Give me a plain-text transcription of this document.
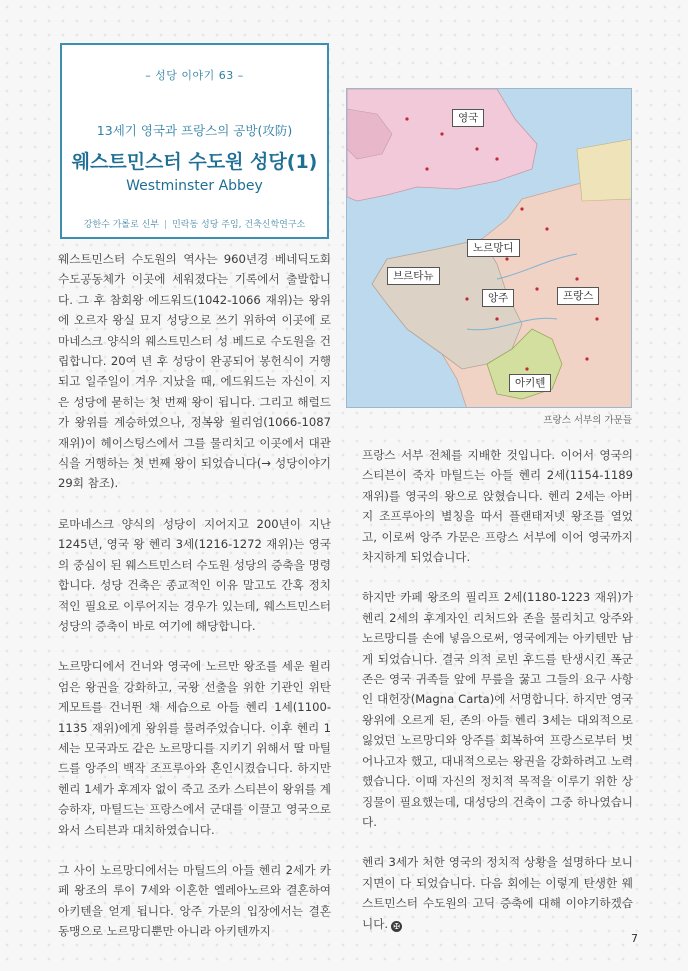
– 성당 이야기 63 –
13세기 영국과 프랑스의 공방(攻防)
웨스트민스터 수도원 성당(1)
Westminster Abbey
강한수 가롤로 신부 | 민락동 성당 주임, 건축신학연구소

웨스트민스터 수도원의 역사는 960년경 베네딕도회 수도공동체가 이곳에 세워졌다는 기록에서 출발합니다. 그 후 참회왕 에드워드(1042-1066 재위)는 왕위에 오르자 왕실 묘지 성당으로 쓰기 위하여 이곳에 로마네스크 양식의 웨스트민스터 성 베드로 수도원을 건립합니다. 20여 년 후 성당이 완공되어 봉헌식이 거행되고 일주일이 겨우 지났을 때, 에드워드는 자신이 지은 성당에 묻히는 첫 번째 왕이 됩니다. 그리고 해럴드가 왕위를 계승하였으나, 정복왕 윌리엄(1066-1087 재위)이 헤이스팅스에서 그를 물리치고 이곳에서 대관식을 거행하는 첫 번째 왕이 되었습니다(→ 성당이야기 29회 참조).

로마네스크 양식의 성당이 지어지고 200년이 지난 1245년, 영국 왕 헨리 3세(1216-1272 재위)는 영국의 중심이 된 웨스트민스터 수도원 성당의 증축을 명령합니다. 성당 건축은 종교적인 이유 말고도 간혹 정치적인 필요로 이루어지는 경우가 있는데, 웨스트민스터 성당의 증축이 바로 여기에 해당합니다.

노르망디에서 건너와 영국에 노르만 왕조를 세운 윌리엄은 왕권을 강화하고, 국왕 선출을 위한 기관인 위탄게모트를 건너뛴 채 세습으로 아들 헨리 1세(1100-1135 재위)에게 왕위를 물려주었습니다. 이후 헨리 1세는 모국과도 같은 노르망디를 지키기 위해서 딸 마틸드를 앙주의 백작 조프루아와 혼인시켰습니다. 하지만 헨리 1세가 후계자 없이 죽고 조카 스티븐이 왕위를 계승하자, 마틸드는 프랑스에서 군대를 이끌고 영국으로 와서 스티븐과 대치하였습니다.

그 사이 노르망디에서는 마틸드의 아들 헨리 2세가 카페 왕조의 루이 7세와 이혼한 엘레아노르와 결혼하여 아키텐을 얻게 됩니다. 앙주 가문의 입장에서는 결혼 동맹으로 노르망디뿐만 아니라 아키텐까지

영국
노르망디
브르타뉴
앙주	프랑스
아키텐
프랑스 서부의 가문들

프랑스 서부 전체를 지배한 것입니다. 이어서 영국의 스티븐이 죽자 마틸드는 아들 헨리 2세(1154-1189 재위)를 영국의 왕으로 앉혔습니다. 헨리 2세는 아버지 조프루아의 별칭을 따서 플랜태저넷 왕조를 열었고, 이로써 앙주 가문은 프랑스 서부에 이어 영국까지 차지하게 되었습니다.

하지만 카페 왕조의 필리프 2세(1180-1223 재위)가 헨리 2세의 후계자인 리처드와 존을 물리치고 앙주와 노르망디를 손에 넣음으로써, 영국에게는 아키텐만 남게 되었습니다. 결국 의적 로빈 후드를 탄생시킨 폭군 존은 영국 귀족들 앞에 무릎을 꿇고 그들의 요구 사항인 대헌장(Magna Carta)에 서명합니다. 하지만 영국 왕위에 오르게 된, 존의 아들 헨리 3세는 대외적으로 잃었던 노르망디와 앙주를 회복하여 프랑스로부터 벗어나고자 했고, 대내적으로는 왕권을 강화하려고 노력했습니다. 이때 자신의 정치적 목적을 이루기 위한 상징물이 필요했는데, 대성당의 건축이 그중 하나였습니다.

헨리 3세가 처한 영국의 정치적 상황을 설명하다 보니 지면이 다 되었습니다. 다음 회에는 이렇게 탄생한 웨스트민스터 수도원의 고딕 증축에 대해 이야기하겠습니다. ✠

7
